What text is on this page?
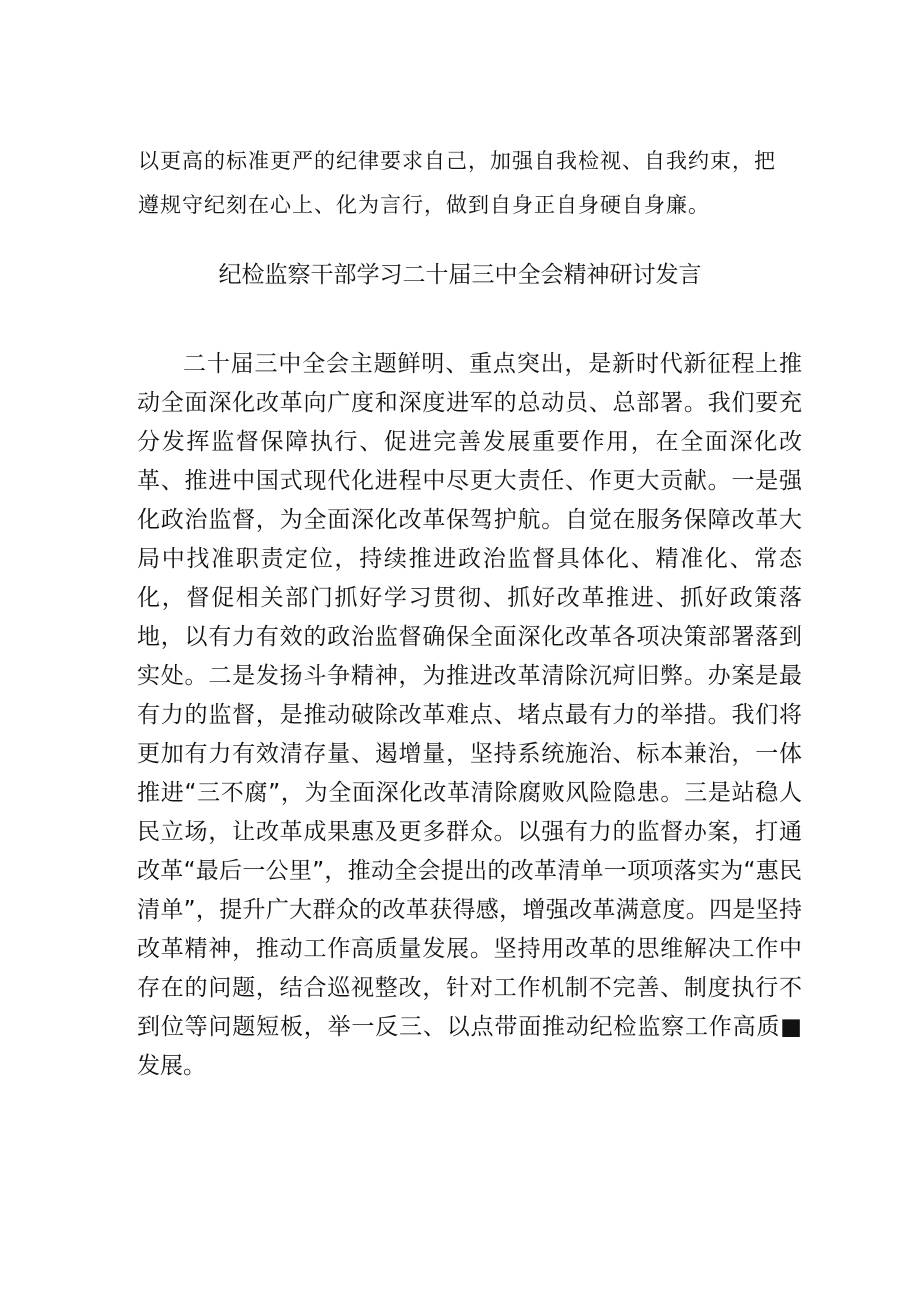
以更高的标准更严的纪律要求自己，加强自我检视、自我约束，把遵规守纪刻在心上、化为言行，做到自身正自身硬自身廉。

纪检监察干部学习二十届三中全会精神研讨发言

二十届三中全会主题鲜明、重点突出，是新时代新征程上推动全面深化改革向广度和深度进军的总动员、总部署。我们要充分发挥监督保障执行、促进完善发展重要作用，在全面深化改革、推进中国式现代化进程中尽更大责任、作更大贡献。一是强化政治监督，为全面深化改革保驾护航。自觉在服务保障改革大局中找准职责定位，持续推进政治监督具体化、精准化、常态化，督促相关部门抓好学习贯彻、抓好改革推进、抓好政策落地，以有力有效的政治监督确保全面深化改革各项决策部署落到实处。二是发扬斗争精神，为推进改革清除沉疴旧弊。办案是最有力的监督，是推动破除改革难点、堵点最有力的举措。我们将更加有力有效清存量、遏增量，坚持系统施治、标本兼治，一体推进“三不腐”，为全面深化改革清除腐败风险隐患。三是站稳人民立场，让改革成果惠及更多群众。以强有力的监督办案，打通改革“最后一公里”，推动全会提出的改革清单一项项落实为“惠民清单”，提升广大群众的改革获得感，增强改革满意度。四是坚持改革精神，推动工作高质量发展。坚持用改革的思维解决工作中存在的问题，结合巡视整改，针对工作机制不完善、制度执行不到位等问题短板，举一反三、以点带面推动纪检监察工作高质■发展。
